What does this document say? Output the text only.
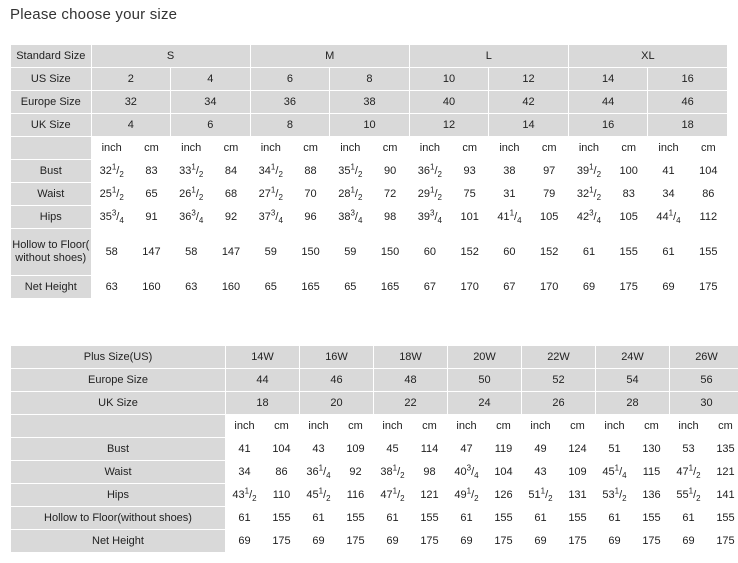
Please choose your size
Standard Size	S				M				L				XL			
US Size	2		4		6		8		10		12		14		16	
Europe Size	32		34		36		38		40		42		44		46	
UK Size	4		6		8		10		12		14		16		18	
	inch	cm	inch	cm	inch	cm	inch	cm	inch	cm	inch	cm	inch	cm	inch	cm
Bust	$32^1/_2$	83	$33^1/_2$	84	$34^1/_2$	88	$35^1/_2$	90	$36^1/_2$	93	38	97	$39^1/_2$	100	41	104
Waist	$25^1/_2$	65	$26^1/_2$	68	$27^1/_2$	70	$28^1/_2$	72	$29^1/_2$	75	31	79	$32^1/_2$	83	34	86
Hips	$35^3/_4$	91	$36^3/_4$	92	$37^3/_4$	96	$38^3/_4$	98	$39^3/_4$	101	$41^1/_4$	105	$42^3/_4$	105	$44^1/_4$	112
Hollow to Floor(
without shoes)	58	147	58	147	59	150	59	150	60	152	60	152	61	155	61	155
Net Height	63	160	63	160	65	165	65	165	67	170	67	170	69	175	69	175
Plus Size(US)	14W		16W		18W		20W		22W		24W		26W	
Europe Size	44		46		48		50		52		54		56	
UK Size	18		20		22		24		26		28		30	
	inch	cm	inch	cm	inch	cm	inch	cm	inch	cm	inch	cm	inch	cm
Bust	41	104	43	109	45	114	47	119	49	124	51	130	53	135
Waist	34	86	$36^1/_4$	92	$38^1/_2$	98	$40^3/_4$	104	43	109	$45^1/_4$	115	$47^1/_2$	121
Hips	$43^1/_2$	110	$45^1/_2$	116	$47^1/_2$	121	$49^1/_2$	126	$51^1/_2$	131	$53^1/_2$	136	$55^1/_2$	141
Hollow to Floor(without shoes)	61	155	61	155	61	155	61	155	61	155	61	155	61	155
Net Height	69	175	69	175	69	175	69	175	69	175	69	175	69	175
